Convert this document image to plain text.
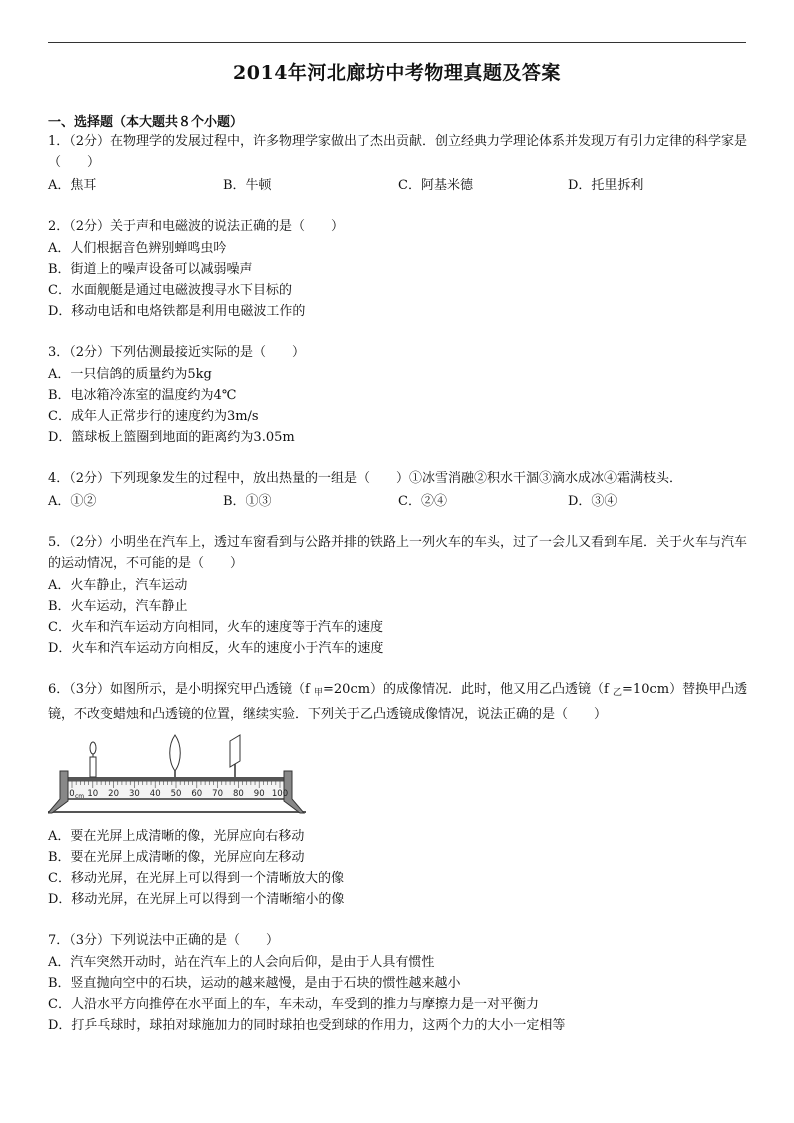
2014年河北廊坊中考物理真题及答案
一、选择题（本大题共８个小题）
1．（2分）在物理学的发展过程中，许多物理学家做出了杰出贡献．创立经典力学理论体系并发现万有引力定律的科学家是（　　）
A．焦耳	B．牛顿	C．阿基米德	D．托里拆利
2．（2分）关于声和电磁波的说法正确的是（　　）
A．人们根据音色辨别蝉鸣虫吟
B．街道上的噪声设备可以减弱噪声
C．水面舰艇是通过电磁波搜寻水下目标的
D．移动电话和电烙铁都是利用电磁波工作的
3．（2分）下列估测最接近实际的是（　　）
A．一只信鸽的质量约为5kg
B．电冰箱冷冻室的温度约为4℃
C．成年人正常步行的速度约为3m/s
D．篮球板上篮圈到地面的距离约为3.05m
4．（2分）下列现象发生的过程中，放出热量的一组是（　　）①冰雪消融②积水干涸③滴水成冰④霜满枝头．
A．①②	B．①③	C．②④	D．③④
5．（2分）小明坐在汽车上，透过车窗看到与公路并排的铁路上一列火车的车头，过了一会儿又看到车尾．关于火车与汽车的运动情况，不可能的是（　　）
A．火车静止，汽车运动
B．火车运动，汽车静止
C．火车和汽车运动方向相同，火车的速度等于汽车的速度
D．火车和汽车运动方向相反，火车的速度小于汽车的速度
6．（3分）如图所示，是小明探究甲凸透镜（f $_甲$=20cm）的成像情况．此时，他又用乙凸透镜（f $_乙$=10cm）替换甲凸透镜，不改变蜡烛和凸透镜的位置，继续实验．下列关于乙凸透镜成像情况，说法正确的是（　　）
0 10 20 30 40 50 60 70 80 90 100
cm
A．要在光屏上成清晰的像，光屏应向右移动
B．要在光屏上成清晰的像，光屏应向左移动
C．移动光屏，在光屏上可以得到一个清晰放大的像
D．移动光屏，在光屏上可以得到一个清晰缩小的像
7．（3分）下列说法中正确的是（　　）
A．汽车突然开动时，站在汽车上的人会向后仰，是由于人具有惯性
B．竖直抛向空中的石块，运动的越来越慢，是由于石块的惯性越来越小
C．人沿水平方向推停在水平面上的车，车未动，车受到的推力与摩擦力是一对平衡力
D．打乒乓球时，球拍对球施加力的同时球拍也受到球的作用力，这两个力的大小一定相等
